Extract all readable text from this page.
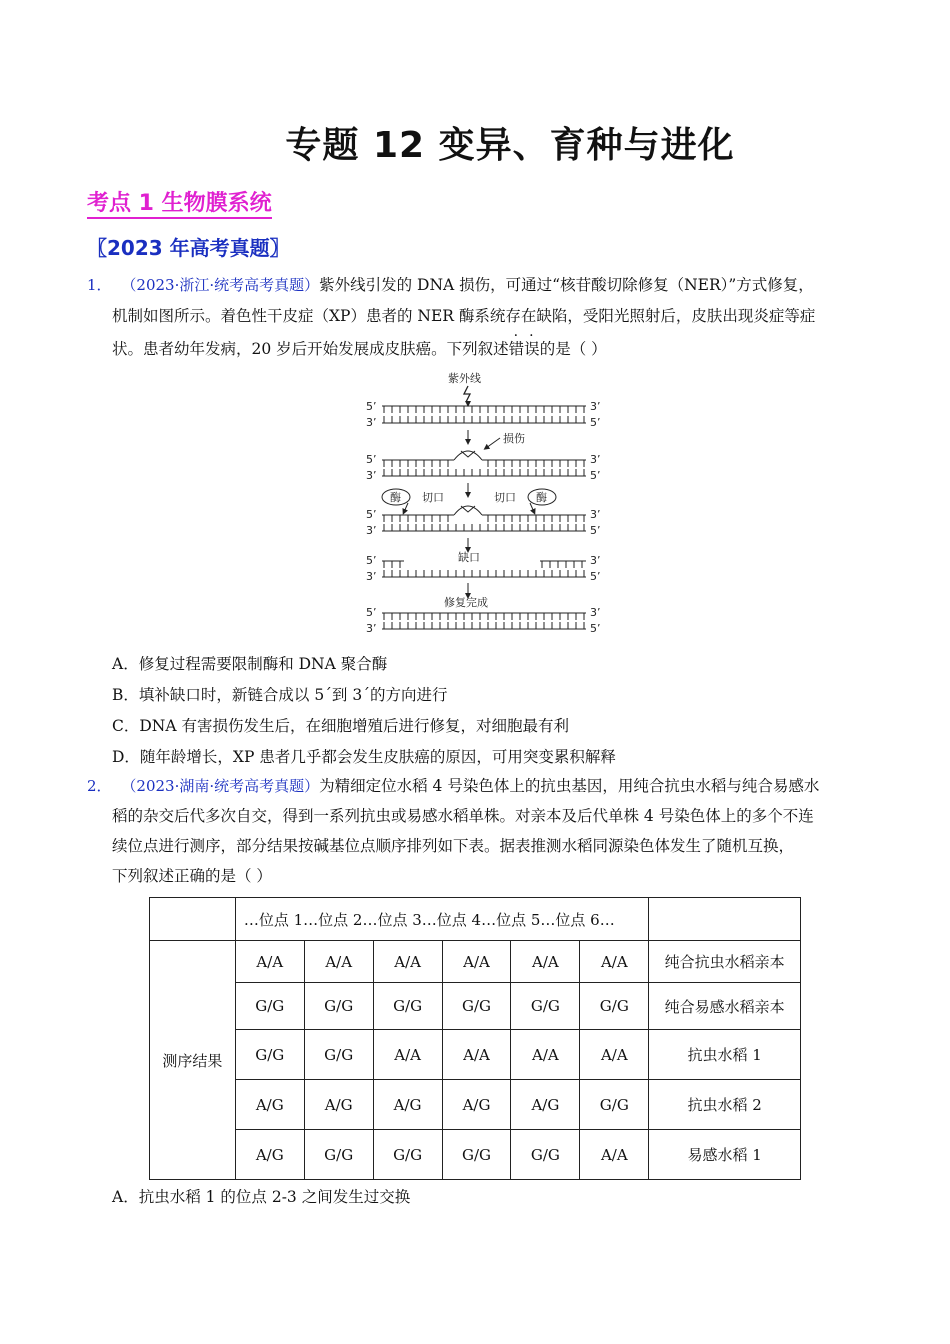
专题 12 变异、育种与进化
考点 1 生物膜系统
〖2023 年高考真题〗
1． （2023·浙江·统考高考真题）紫外线引发的 DNA 损伤，可通过“核苷酸切除修复（NER）”方式修复，
机制如图所示。着色性干皮症（XP）患者的 NER 酶系统存在缺陷，受阳光照射后，皮肤出现炎症等症
状。患者幼年发病，20 岁后开始发展成皮肤癌。下列叙述错误的是（ ）
紫外线
5’
3’
3’
5’
5’
3’
3’
5’
损伤
酶 切口	切口 酶
5’
3’
3’
5’
5’
3’
3’
5’
缺口
修复完成
5’
3’
3’
5’
A．修复过程需要限制酶和 DNA 聚合酶
B．填补缺口时，新链合成以 5ˊ到 3ˊ的方向进行
C．DNA 有害损伤发生后，在细胞增殖后进行修复，对细胞最有利
D．随年龄增长，XP 患者几乎都会发生皮肤癌的原因，可用突变累积解释
2． （2023·湖南·统考高考真题）为精细定位水稻 4 号染色体上的抗虫基因，用纯合抗虫水稻与纯合易感水
稻的杂交后代多次自交，得到一系列抗虫或易感水稻单株。对亲本及后代单株 4 号染色体上的多个不连
续位点进行测序，部分结果按碱基位点顺序排列如下表。据表推测水稻同源染色体发生了随机互换，
下列叙述正确的是（ ）
	…位点 1…位点 2…位点 3…位点 4…位点 5…位点 6…						
测序结果	A/A	A/A	A/A	A/A	A/A	A/A	纯合抗虫水稻亲本
	G/G	G/G	G/G	G/G	G/G	G/G	纯合易感水稻亲本
	G/G	G/G	A/A	A/A	A/A	A/A	抗虫水稻 1
	A/G	A/G	A/G	A/G	A/G	G/G	抗虫水稻 2
	A/G	G/G	G/G	G/G	G/G	A/A	易感水稻 1
A．抗虫水稻 1 的位点 2-3 之间发生过交换
